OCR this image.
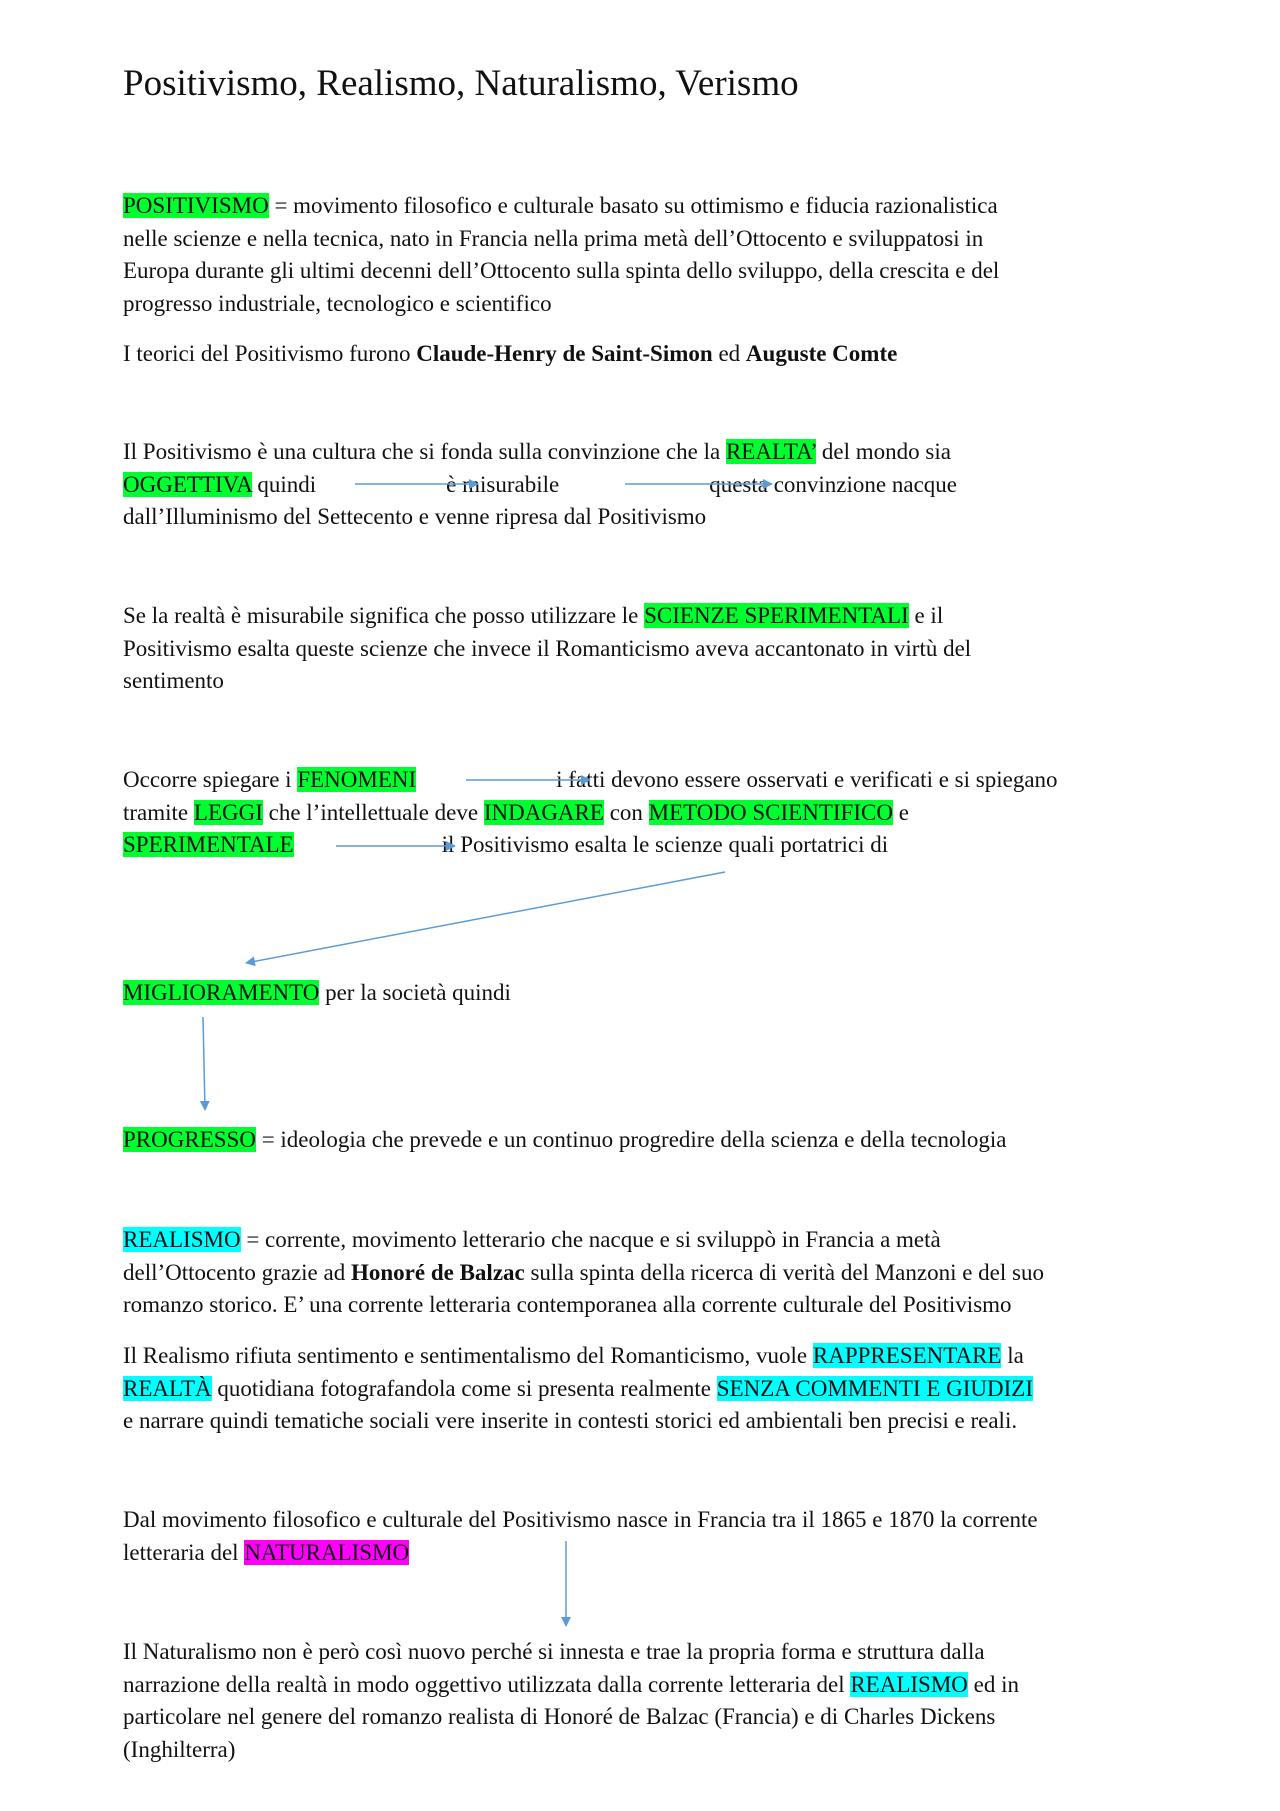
Positivismo, Realismo, Naturalismo, Verismo
POSITIVISMO = movimento filosofico e culturale basato su ottimismo e fiducia razionalistica
nelle scienze e nella tecnica, nato in Francia nella prima metà dell’Ottocento e sviluppatosi in
Europa durante gli ultimi decenni dell’Ottocento sulla spinta dello sviluppo, della crescita e del
progresso industriale, tecnologico e scientifico
I teorici del Positivismo furono Claude-Henry de Saint-Simon ed Auguste Comte
Il Positivismo è una cultura che si fonda sulla convinzione che la REALTA’ del mondo sia
OGGETTIVA quindi	è misurabile	questa convinzione nacque
dall’Illuminismo del Settecento e venne ripresa dal Positivismo
Se la realtà è misurabile significa che posso utilizzare le SCIENZE SPERIMENTALI e il
Positivismo esalta queste scienze che invece il Romanticismo aveva accantonato in virtù del
sentimento
Occorre spiegare i FENOMENI	i fatti devono essere osservati e verificati e si spiegano
tramite LEGGI che l’intellettuale deve INDAGARE con METODO SCIENTIFICO e
SPERIMENTALE	il Positivismo esalta le scienze quali portatrici di
MIGLIORAMENTO per la società quindi
PROGRESSO = ideologia che prevede e un continuo progredire della scienza e della tecnologia
REALISMO = corrente, movimento letterario che nacque e si sviluppò in Francia a metà
dell’Ottocento grazie ad Honoré de Balzac sulla spinta della ricerca di verità del Manzoni e del suo
romanzo storico. E’ una corrente letteraria contemporanea alla corrente culturale del Positivismo
Il Realismo rifiuta sentimento e sentimentalismo del Romanticismo, vuole RAPPRESENTARE la
REALTÀ quotidiana fotografandola come si presenta realmente SENZA COMMENTI E GIUDIZI
e narrare quindi tematiche sociali vere inserite in contesti storici ed ambientali ben precisi e reali.
Dal movimento filosofico e culturale del Positivismo nasce in Francia tra il 1865 e 1870 la corrente
letteraria del NATURALISMO
Il Naturalismo non è però così nuovo perché si innesta e trae la propria forma e struttura dalla
narrazione della realtà in modo oggettivo utilizzata dalla corrente letteraria del REALISMO ed in
particolare nel genere del romanzo realista di Honoré de Balzac (Francia) e di Charles Dickens
(Inghilterra)
